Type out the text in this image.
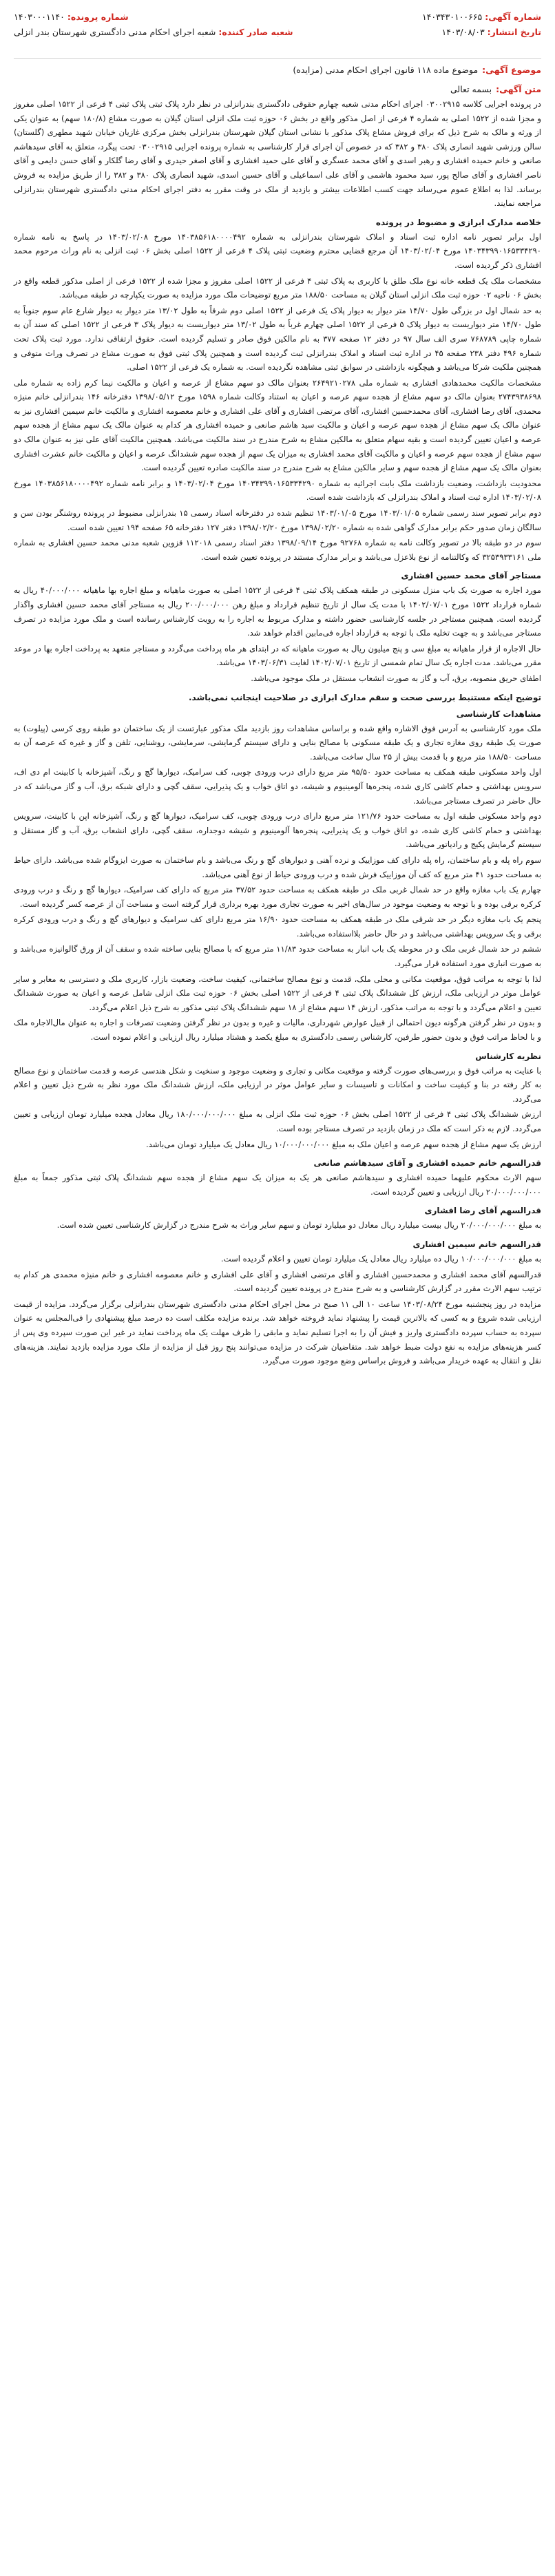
شماره آگهی: ۱۴۰۳۴۳۰۱۰۰۶۶۵
تاریخ انتشار: ۱۴۰۳/۰۸/۰۳
شماره پرونده: ۱۴۰۳۰۰۰۱۱۴۰
شعبه صادر کننده: شعبه اجرای احکام مدنی دادگستری شهرستان بندر انزلی
موضوع آگهی:موضوع ماده ۱۱۸ قانون اجرای احکام مدنی (مزایده)
متن آگهی:بسمه تعالی

در پرونده اجرایی کلاسه ۰۳۰۰۲۹۱۵ اجرای احکام مدنی شعبه چهارم حقوقی دادگستری بندرانزلی در نظر دارد پلاک ثبتی پلاک ثبتی ۴ فرعی از ۱۵۲۲ اصلی مفروز و مجزا شده از ۱۵۲۲ اصلی به شماره ۴ فرعی از اصل مذکور واقع در بخش ۰۶ حوزه ثبت ملک انزلی استان گیلان به صورت مشاع (۱۸۰/۸ سهم) به عنوان یکی از ورثه و مالک به شرح ذیل که برای فروش مشاع پلاک مذکور با نشانی استان گیلان شهرستان بندرانزلی بخش مرکزی غازیان خیابان شهید مطهری (گلستان) سالن ورزشی شهید انصاری پلاک ۳۸۰ و ۳۸۲ که در خصوص آن اجرای قرار کارشناسی به شماره پرونده اجرایی ۰۳۰۰۲۹۱۵ تحت پیگرد، متعلق به آقای سیدهاشم صانعی و خانم حمیده افشاری و رهبر اسدی و آقای محمد عسگری و آقای علی حمید افشاری و آقای اصغر حیدری و آقای رضا گلکار و آقای حسن دایمی و آقای ناصر افشاری و آقای صالح پور، سید محمود هاشمی و آقای علی اسماعیلی و آقای حسین اسدی، شهید انصاری پلاک ۳۸۰ و ۳۸۲ را از طریق مزایده به فروش برساند. لذا به اطلاع عموم می‌رساند جهت کسب اطلاعات بیشتر و بازدید از ملک در وقت مقرر به دفتر اجرای احکام مدنی دادگستری شهرستان بندرانزلی مراجعه نمایند.

خلاصه مدارک ابرازی و مضبوط در پرونده

اول برابر تصویر نامه اداره ثبت اسناد و املاک شهرستان بندرانزلی به شماره ۱۴۰۳۸۵۶۱۸۰۰۰۰۴۹۲ مورخ ۱۴۰۳/۰۲/۰۸ در پاسخ به نامه شماره ۱۴۰۳۴۳۹۹۰۱۶۵۳۳۴۲۹۰ مورخ ۱۴۰۳/۰۲/۰۴ آن مرجع قضایی محترم وضعیت ثبتی پلاک ۴ فرعی از ۱۵۲۲ اصلی بخش ۰۶ ثبت انزلی به نام وراث مرحوم محمد افشاری ذکر گردیده است.

مشخصات ملک یک قطعه خانه نوع ملک طلق با کاربری به پلاک ثبتی ۴ فرعی از ۱۵۲۲ اصلی مفروز و مجزا شده از ۱۵۲۲ فرعی از اصلی مذکور قطعه واقع در بخش ۰۶ ناحیه ۰۲ حوزه ثبت ملک انزلی استان گیلان به مساحت ۱۸۸/۵۰ متر مربع توضیحات ملک مورد مزایده به صورت یکپارچه در طبقه می‌باشد.

به حد شمال اول در بزرگی طول ۱۴/۷۰ متر دیوار به دیوار پلاک یک فرعی از ۱۵۲۲ اصلی دوم شرقاً به طول ۱۳/۰۲ متر دیوار به دیوار شارع عام سوم جنوباً به طول ۱۴/۷۰ متر دیواریست به دیوار پلاک ۵ فرعی از ۱۵۲۲ اصلی چهارم غرباً به طول ۱۳/۰۲ متر دیواریست به دیوار پلاک ۳ فرعی از ۱۵۲۲ اصلی که سند آن به شماره چاپی ۷۶۸۷۸۹ سری الف سال ۹۷ در دفتر ۱۲ صفحه ۳۷۷ به نام مالکین فوق صادر و تسلیم گردیده است. حقوق ارتفاقی ندارد. مورد ثبت پلاک تحت شماره ۴۹۶ دفتر ۲۳۸ صفحه ۴۵ در اداره ثبت اسناد و املاک بندرانزلی ثبت گردیده است و همچنین پلاک ثبتی فوق به صورت مشاع در تصرف وراث متوفی و همچنین ملکیت شرکا می‌باشد و هیچگونه بازداشتی در سوابق ثبتی مشاهده نگردیده است. به شماره یک فرعی از ۱۵۲۲ اصلی.

مشخصات مالکیت محمدهادی افشاری به شماره ملی ۲۶۴۹۲۱۰۲۷۸ بعنوان مالک دو سهم مشاع از عرصه و اعیان و مالکیت نیما کرم زاده به شماره ملی ۲۷۴۳۹۳۸۶۹۸ بعنوان مالک دو سهم مشاع از هجده سهم عرصه و اعیان به استناد وکالت شماره ۱۵۹۸ مورخ ۱۳۹۸/۰۵/۱۲ دفترخانه ۱۴۶ بندرانزلی خانم منیژه محمدی، آقای رضا افشاری، آقای محمدحسین افشاری، آقای مرتضی افشاری و آقای علی افشاری و خانم معصومه افشاری و مالکیت خانم سیمین افشاری نیز به عنوان مالک یک سهم مشاع از هجده سهم عرصه و اعیان و مالکیت سید هاشم صانعی و حمیده افشاری هر کدام به عنوان مالک یک سهم مشاع از هجده سهم عرصه و اعیان تعیین گردیده است و بقیه سهام متعلق به مالکین مشاع به شرح مندرج در سند مالکیت می‌باشد. همچنین مالکیت آقای علی نیز به عنوان مالک دو سهم مشاع از هجده سهم عرصه و اعیان و مالکیت آقای محمد افشاری به میزان یک سهم از هجده سهم ششدانگ عرصه و اعیان و مالکیت خانم عشرت افشاری بعنوان مالک یک سهم مشاع از هجده سهم و سایر مالکین مشاع به شرح مندرج در سند مالکیت صادره تعیین گردیده است.

محدودیت بازداشت، وضعیت بازداشت ملک بابت اجرائیه به شماره ۱۴۰۳۴۳۹۹۰۱۶۵۳۳۴۲۹۰ مورخ ۱۴۰۳/۰۲/۰۴ و برابر نامه شماره ۱۴۰۳۸۵۶۱۸۰۰۰۰۴۹۲ مورخ ۱۴۰۳/۰۲/۰۸ اداره ثبت اسناد و املاک بندرانزلی که بازداشت شده است.

دوم برابر تصویر سند رسمی شماره ۱۴۰۳/۰۱/۰۵ مورخ ۱۴۰۳/۰۱/۰۵ تنظیم شده در دفترخانه اسناد رسمی ۱۵ بندرانزلی مضبوط در پرونده روشنگر بودن سن و سالگان زمان صدور حکم برابر مدارک گواهی شده به شماره ۱۳۹۸/۰۲/۲۰ مورخ ۱۳۹۸/۰۲/۲۰ دفتر ۱۲۷ دفترخانه ۶۵ صفحه ۱۹۴ تعیین شده است.

سوم در دو طبقه بالا در تصویر وکالت نامه به شماره ۹۲۷۶۸ مورخ ۱۳۹۸/۰۹/۱۴ دفتر اسناد رسمی ۱۱۲۰۱۸ قزوین شعبه مدنی محمد حسین افشاری به شماره ملی ۳۲۵۳۹۳۳۱۶۱ که وکالتنامه از نوع بلاعزل می‌باشد و برابر مدارک مستند در پرونده تعیین شده است.

مستاجر آقای محمد حسین افشاری

مورد اجاره به صورت یک باب منزل مسکونی در طبقه همکف پلاک ثبتی ۴ فرعی از ۱۵۲۲ اصلی به صورت ماهیانه و مبلغ اجاره بها ماهیانه ۴۰/۰۰۰/۰۰۰ ریال به شماره قرارداد ۱۵۲۲ مورخ ۱۴۰۲/۰۷/۰۱ با مدت یک سال از تاریخ تنظیم قرارداد و مبلغ رهن ۲۰۰/۰۰۰/۰۰۰ ریال به مستاجر آقای محمد حسین افشاری واگذار گردیده است. همچنین مستاجر در جلسه کارشناسی حضور داشته و مدارک مربوط به اجاره را به رویت کارشناس رسانده است و ملک مورد مزایده در تصرف مستاجر می‌باشد و به جهت تخلیه ملک با توجه به قرارداد اجاره فی‌مابین اقدام خواهد شد.

حال الاجاره از قرار ماهیانه به مبلغ سی و پنج میلیون ریال به صورت ماهیانه که در ابتدای هر ماه پرداخت می‌گردد و مستاجر متعهد به پرداخت اجاره بها در موعد مقرر می‌باشد. مدت اجاره یک سال تمام شمسی از تاریخ ۱۴۰۲/۰۷/۰۱ لغایت ۱۴۰۳/۰۶/۳۱ می‌باشد.

اطفای حریق منصوبه، برق، آب و گاز به صورت انشعاب مستقل در ملک موجود می‌باشد.

توضیح اینکه مستنبط بررسی صحت و سقم مدارک ابرازی در صلاحیت اینجانب نمی‌باشد.
مشاهدات کارشناسی

ملک مورد کارشناسی به آدرس فوق الاشاره واقع شده و براساس مشاهدات روز بازدید ملک مذکور عبارتست از یک ساختمان دو طبقه روی کرسی (پیلوت) به صورت یک طبقه روی مغازه تجاری و یک طبقه مسکونی با مصالح بنایی و دارای سیستم گرمایشی، سرمایشی، روشنایی، تلفن و گاز و غیره که عرصه آن به مساحت ۱۸۸/۵۰ متر مربع و با قدمت بیش از ۲۵ سال ساخت می‌باشد.

اول واحد مسکونی طبقه همکف به مساحت حدود ۹۵/۵۰ متر مربع دارای درب ورودی چوبی، کف سرامیک، دیوارها گچ و رنگ، آشپزخانه با کابینت ام دی اف، سرویس بهداشتی و حمام کاشی کاری شده، پنجره‌ها آلومینیوم و شیشه، دو اتاق خواب و یک پذیرایی، سقف گچی و دارای شبکه برق، آب و گاز می‌باشد که در حال حاضر در تصرف مستاجر می‌باشد.

دوم واحد مسکونی طبقه اول به مساحت حدود ۱۲۱/۷۶ متر مربع دارای درب ورودی چوبی، کف سرامیک، دیوارها گچ و رنگ، آشپزخانه اپن با کابینت، سرویس بهداشتی و حمام کاشی کاری شده، دو اتاق خواب و یک پذیرایی، پنجره‌ها آلومینیوم و شیشه دوجداره، سقف گچی، دارای انشعاب برق، آب و گاز مستقل و سیستم گرمایش پکیج و رادیاتور می‌باشد.

سوم راه پله و بام ساختمان، راه پله دارای کف موزاییک و نرده آهنی و دیوارهای گچ و رنگ می‌باشد و بام ساختمان به صورت ایزوگام شده می‌باشد. دارای حیاط به مساحت حدود ۴۱ متر مربع که کف آن موزاییک فرش شده و درب ورودی حیاط از نوع آهنی می‌باشد.

چهارم یک باب مغازه واقع در حد شمال غربی ملک در طبقه همکف به مساحت حدود ۳۷/۵۲ متر مربع که دارای کف سرامیک، دیوارها گچ و رنگ و درب ورودی کرکره برقی بوده و با توجه به وضعیت موجود در سال‌های اخیر به صورت تجاری مورد بهره برداری قرار گرفته است و مساحت آن از عرصه کسر گردیده است.

پنجم یک باب مغازه دیگر در حد شرقی ملک در طبقه همکف به مساحت حدود ۱۶/۹۰ متر مربع دارای کف سرامیک و دیوارهای گچ و رنگ و درب ورودی کرکره برقی و یک سرویس بهداشتی می‌باشد و در حال حاضر بلااستفاده می‌باشد.

ششم در حد شمال غربی ملک و در محوطه یک باب انبار به مساحت حدود ۱۱/۸۳ متر مربع که با مصالح بنایی ساخته شده و سقف آن از ورق گالوانیزه می‌باشد و به صورت انباری مورد استفاده قرار می‌گیرد.

لذا با توجه به مراتب فوق، موقعیت مکانی و محلی ملک، قدمت و نوع مصالح ساختمانی، کیفیت ساخت، وضعیت بازار، کاربری ملک و دسترسی به معابر و سایر عوامل موثر در ارزیابی ملک، ارزش کل ششدانگ پلاک ثبتی ۴ فرعی از ۱۵۲۲ اصلی بخش ۰۶ حوزه ثبت ملک انزلی شامل عرصه و اعیان به صورت ششدانگ تعیین و اعلام می‌گردد و با توجه به مراتب مذکور، ارزش ۱۴ سهم مشاع از ۱۸ سهم ششدانگ پلاک ثبتی مذکور به شرح ذیل اعلام می‌گردد.

و بدون در نظر گرفتن هرگونه دیون احتمالی از قبیل عوارض شهرداری، مالیات و غیره و بدون در نظر گرفتن وضعیت تصرفات و اجاره به عنوان مال‌الاجاره ملک و با لحاظ مراتب فوق و بدون حضور طرفین، کارشناس رسمی دادگستری به مبلغ یکصد و هشتاد میلیارد ریال ارزیابی و اعلام نموده است.

نظریه کارشناس

با عنایت به مراتب فوق و بررسی‌های صورت گرفته و موقعیت مکانی و تجاری و وضعیت موجود و سنخیت و شکل هندسی عرصه و قدمت ساختمان و نوع مصالح به کار رفته در بنا و کیفیت ساخت و امکانات و تاسیسات و سایر عوامل موثر در ارزیابی ملک، ارزش ششدانگ ملک مورد نظر به شرح ذیل تعیین و اعلام می‌گردد.

ارزش ششدانگ پلاک ثبتی ۴ فرعی از ۱۵۲۲ اصلی بخش ۰۶ حوزه ثبت ملک انزلی به مبلغ ۱۸۰/۰۰۰/۰۰۰/۰۰۰ ریال معادل هجده میلیارد تومان ارزیابی و تعیین می‌گردد. لازم به ذکر است که ملک در زمان بازدید در تصرف مستاجر بوده است.

ارزش یک سهم مشاع از هجده سهم عرصه و اعیان ملک به مبلغ ۱۰/۰۰۰/۰۰۰/۰۰۰ ریال معادل یک میلیارد تومان می‌باشد.

قدرالسهم خانم حمیده افشاری و آقای سیدهاشم صانعی

سهم الارث محکوم علیهما حمیده افشاری و سیدهاشم صانعی هر یک به میزان یک سهم مشاع از هجده سهم ششدانگ پلاک ثبتی مذکور جمعاً به مبلغ ۲۰/۰۰۰/۰۰۰/۰۰۰ ریال ارزیابی و تعیین گردیده است.

قدرالسهم آقای رضا افشاری

به مبلغ ۲۰/۰۰۰/۰۰۰/۰۰۰ ریال بیست میلیارد ریال معادل دو میلیارد تومان و سهم سایر وراث به شرح مندرج در گزارش کارشناسی تعیین شده است.

قدرالسهم خانم سیمین افشاری

به مبلغ ۱۰/۰۰۰/۰۰۰/۰۰۰ ریال ده میلیارد ریال معادل یک میلیارد تومان تعیین و اعلام گردیده است.

قدرالسهم آقای محمد افشاری و محمدحسین افشاری و آقای مرتضی افشاری و آقای علی افشاری و خانم معصومه افشاری و خانم منیژه محمدی هر کدام به ترتیب سهم الارث مقرر در گزارش کارشناسی و به شرح مندرج در پرونده تعیین گردیده است.

مزایده در روز پنجشنبه مورخ ۱۴۰۳/۰۸/۲۴ ساعت ۱۰ الی ۱۱ صبح در محل اجرای احکام مدنی دادگستری شهرستان بندرانزلی برگزار می‌گردد. مزایده از قیمت ارزیابی شده شروع و به کسی که بالاترین قیمت را پیشنهاد نماید فروخته خواهد شد. برنده مزایده مکلف است ده درصد مبلغ پیشنهادی را فی‌المجلس به عنوان سپرده به حساب سپرده دادگستری واریز و فیش آن را به اجرا تسلیم نماید و مابقی را ظرف مهلت یک ماه پرداخت نماید در غیر این صورت سپرده وی پس از کسر هزینه‌های مزایده به نفع دولت ضبط خواهد شد. متقاضیان شرکت در مزایده می‌توانند پنج روز قبل از مزایده از ملک مورد مزایده بازدید نمایند. هزینه‌های نقل و انتقال به عهده خریدار می‌باشد و فروش براساس وضع موجود صورت می‌گیرد.
